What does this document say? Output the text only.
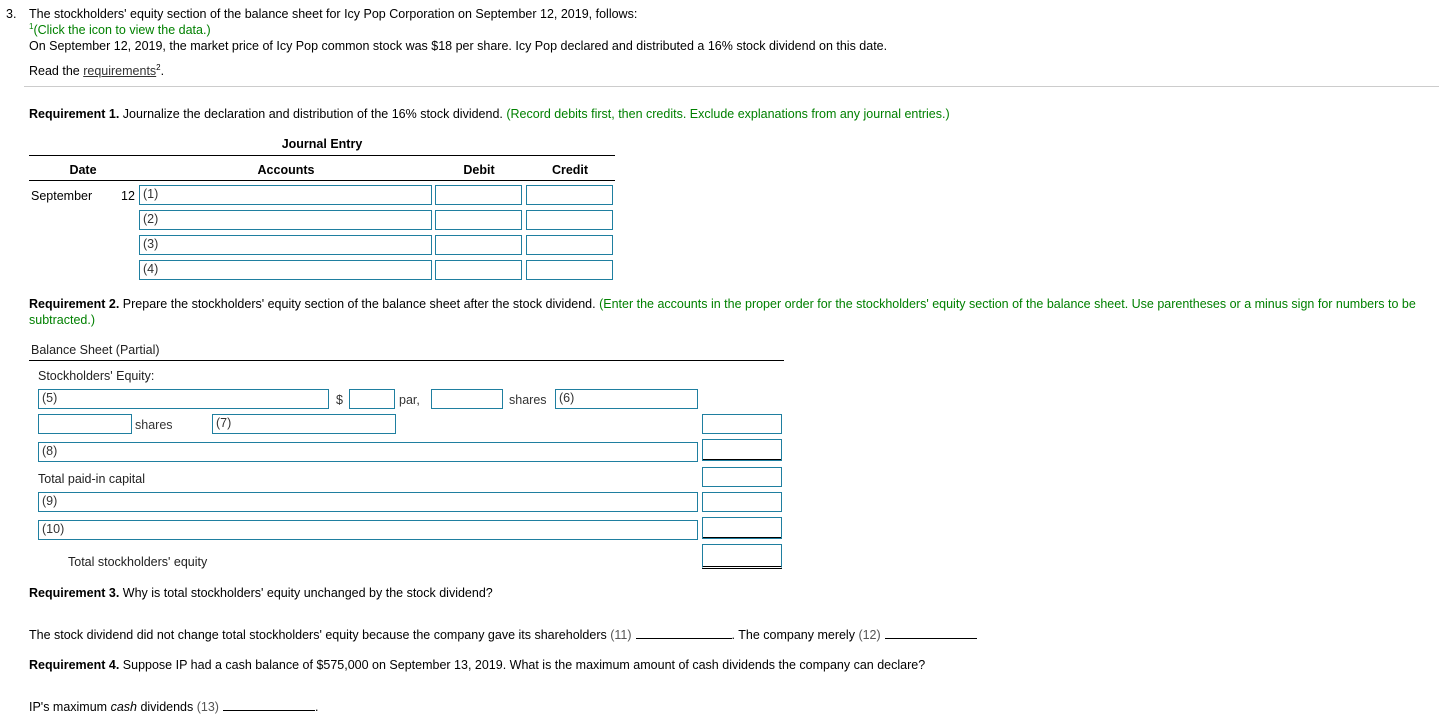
3. The stockholders' equity section of the balance sheet for Icy Pop Corporation on September 12, 2019, follows:
$^1$(Click the icon to view the data.)
On September 12, 2019, the market price of Icy Pop common stock was $18 per share. Icy Pop declared and distributed a 16% stock dividend on this date.
Read the requirements$^2$.
Requirement 1. Journalize the declaration and distribution of the 16% stock dividend. (Record debits first, then credits. Exclude explanations from any journal entries.)
Journal Entry
Date	Accounts	Debit	Credit
September 12 (1)
(2)
(3)
(4)
Requirement 2. Prepare the stockholders' equity section of the balance sheet after the stock dividend. (Enter the accounts in the proper order for the stockholders' equity section of the balance sheet. Use parentheses or a minus sign for numbers to be subtracted.)
Balance Sheet (Partial)
Stockholders' Equity:
(5)	$	par,	shares (6)
shares	(7)
(8)
Total paid-in capital
(9)
(10)
Total stockholders' equity
Requirement 3. Why is total stockholders' equity unchanged by the stock dividend?
The stock dividend did not change total stockholders' equity because the company gave its shareholders (11)	. The company merely (12)
Requirement 4. Suppose IP had a cash balance of $575,000 on September 13, 2019. What is the maximum amount of cash dividends the company can declare?
IP's maximum cash dividends (13)	.
